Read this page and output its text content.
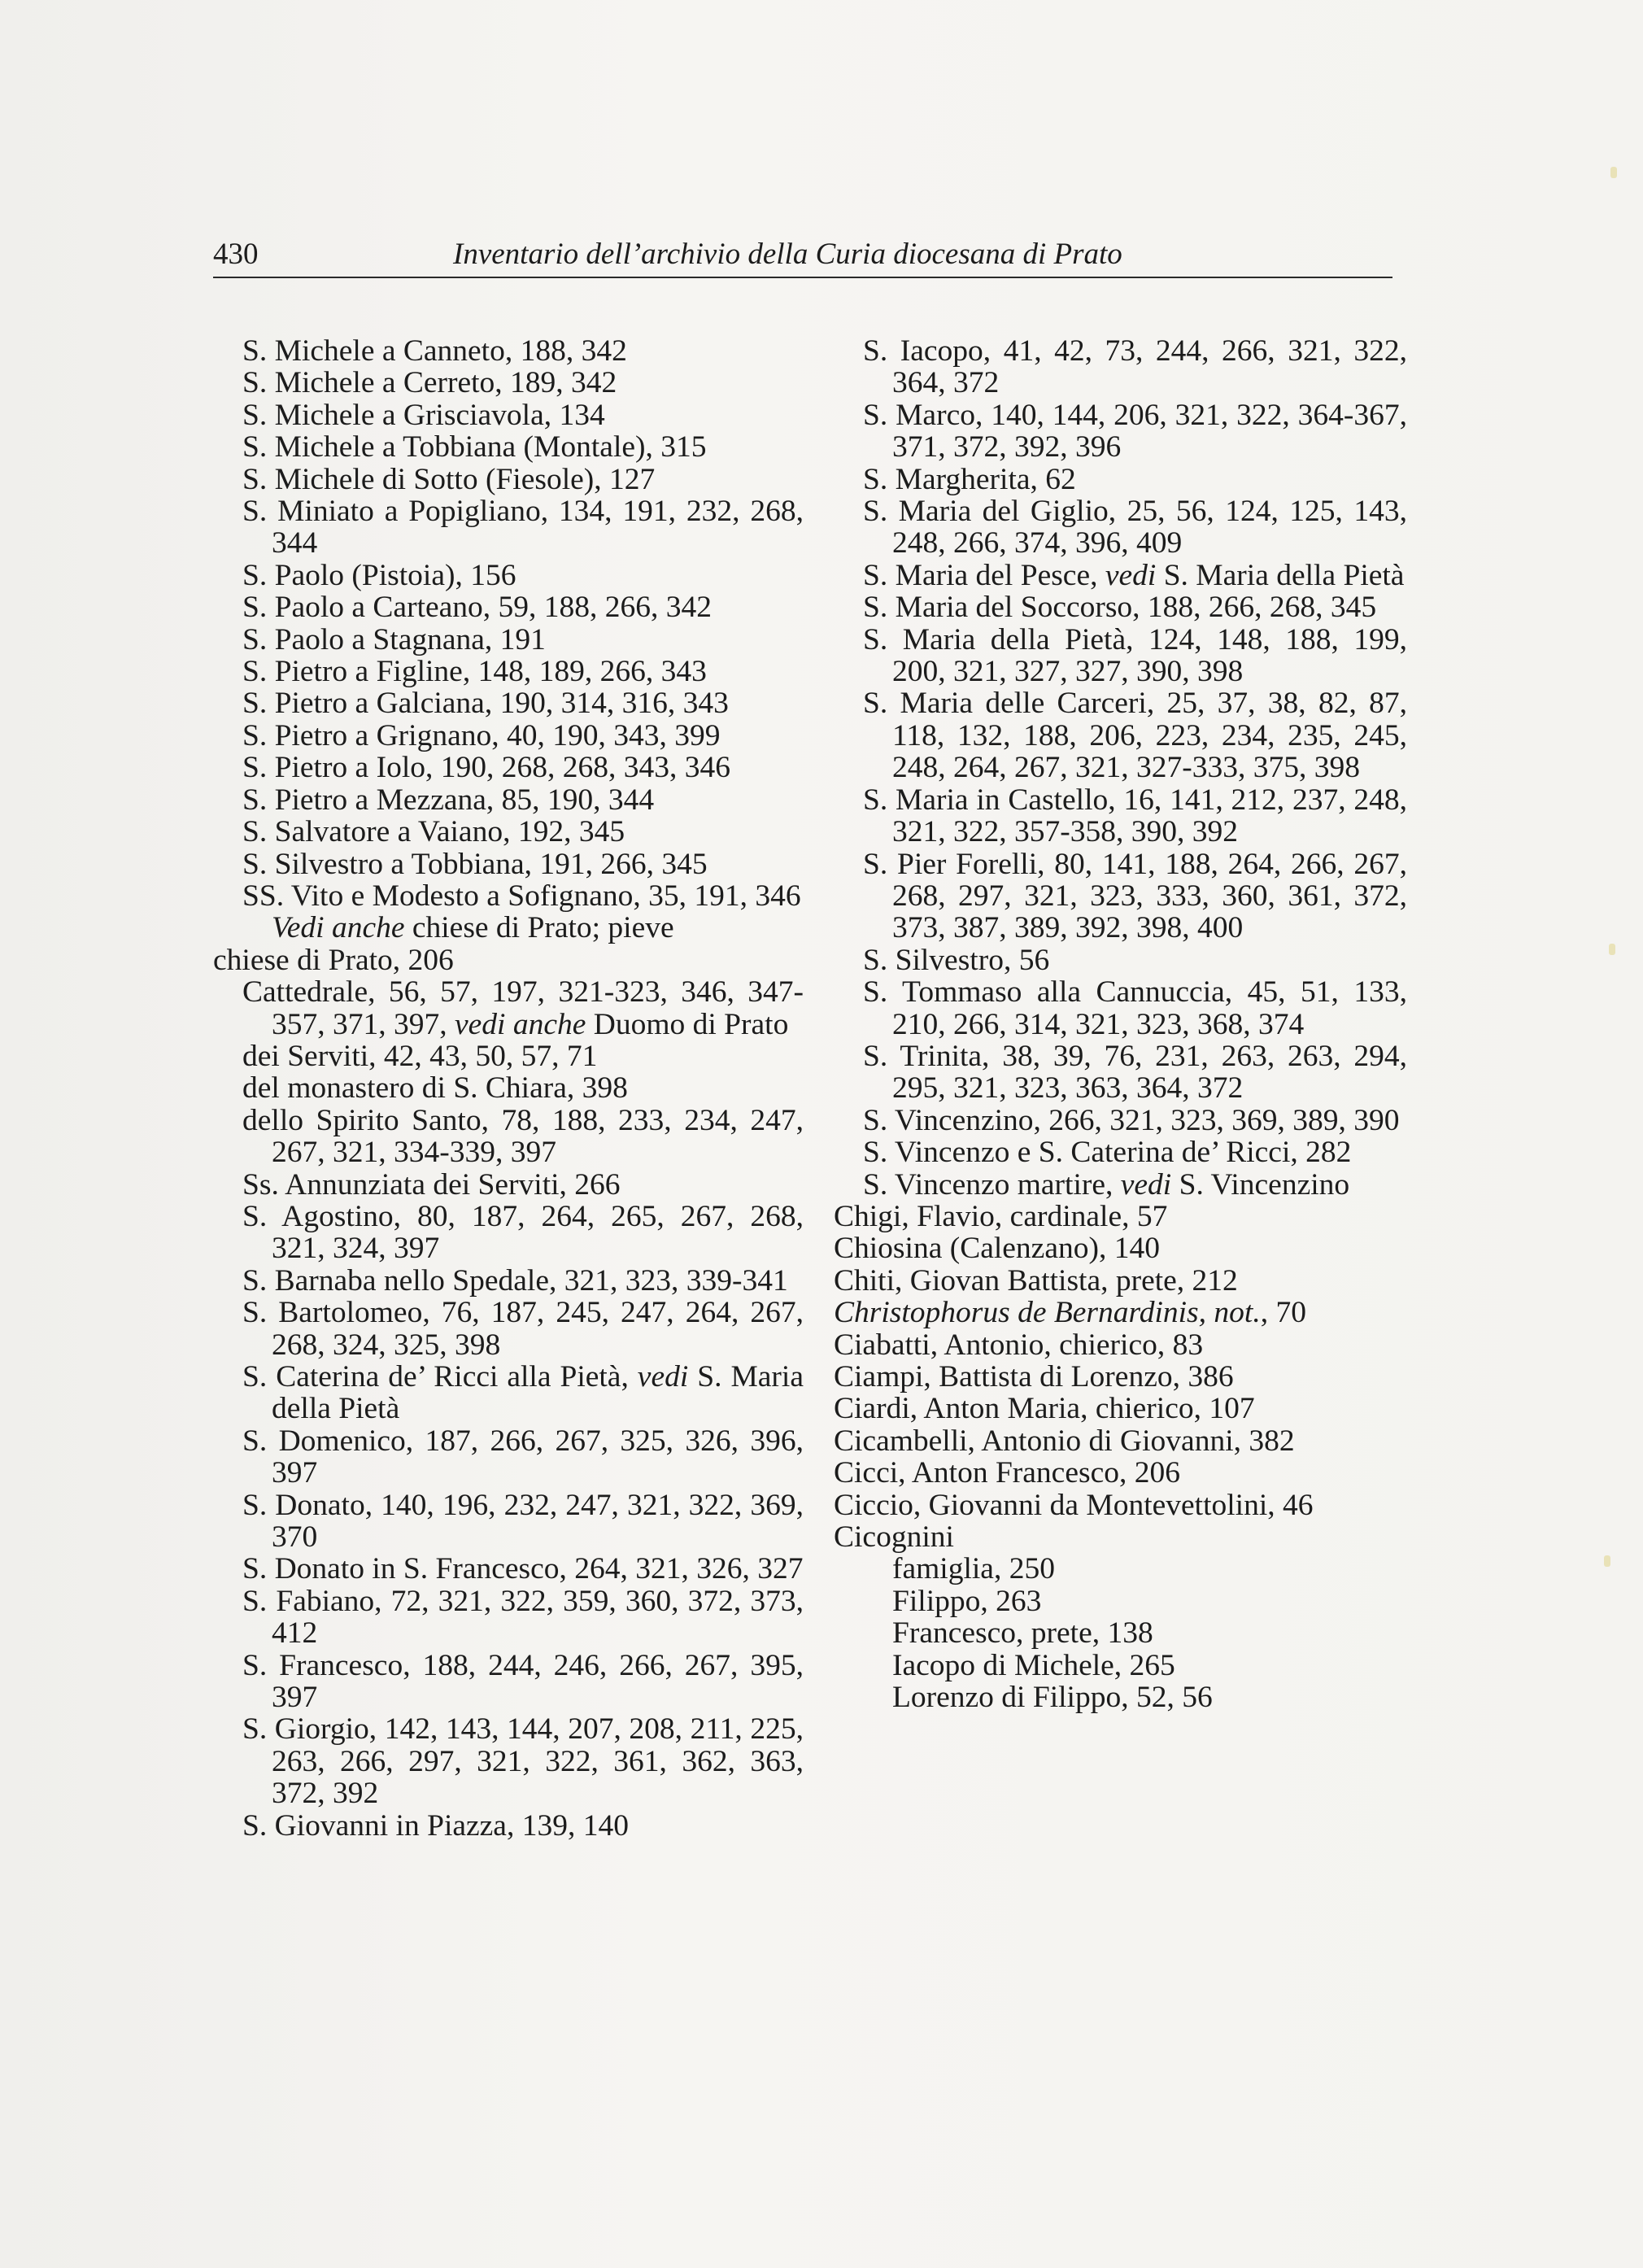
430	Inventario dell’archivio della Curia diocesana di Prato
S. Michele a Canneto, 188, 342
S. Michele a Cerreto, 189, 342
S. Michele a Grisciavola, 134
S. Michele a Tobbiana (Montale), 315
S. Michele di Sotto (Fiesole), 127
S. Miniato a Popigliano, 134, 191, 232, 268, 344
S. Paolo (Pistoia), 156
S. Paolo a Carteano, 59, 188, 266, 342
S. Paolo a Stagnana, 191
S. Pietro a Figline, 148, 189, 266, 343
S. Pietro a Galciana, 190, 314, 316, 343
S. Pietro a Grignano, 40, 190, 343, 399
S. Pietro a Iolo, 190, 268, 268, 343, 346
S. Pietro a Mezzana, 85, 190, 344
S. Salvatore a Vaiano, 192, 345
S. Silvestro a Tobbiana, 191, 266, 345
SS. Vito e Modesto a Sofignano, 35, 191, 346
Vedi anche chiese di Prato; pieve
chiese di Prato, 206
Cattedrale, 56, 57, 197, 321-323, 346, 347-357, 371, 397, vedi anche Duomo di Prato
dei Serviti, 42, 43, 50, 57, 71
del monastero di S. Chiara, 398
dello Spirito Santo, 78, 188, 233, 234, 247, 267, 321, 334-339, 397
Ss. Annunziata dei Serviti, 266
S. Agostino, 80, 187, 264, 265, 267, 268, 321, 324, 397
S. Barnaba nello Spedale, 321, 323, 339-341
S. Bartolomeo, 76, 187, 245, 247, 264, 267, 268, 324, 325, 398
S. Caterina de’ Ricci alla Pietà, vedi S. Maria della Pietà
S. Domenico, 187, 266, 267, 325, 326, 396, 397
S. Donato, 140, 196, 232, 247, 321, 322, 369, 370
S. Donato in S. Francesco, 264, 321, 326, 327
S. Fabiano, 72, 321, 322, 359, 360, 372, 373, 412
S. Francesco, 188, 244, 246, 266, 267, 395, 397
S. Giorgio, 142, 143, 144, 207, 208, 211, 225, 263, 266, 297, 321, 322, 361, 362, 363, 372, 392
S. Giovanni in Piazza, 139, 140
S. Iacopo, 41, 42, 73, 244, 266, 321, 322, 364, 372
S. Marco, 140, 144, 206, 321, 322, 364-367, 371, 372, 392, 396
S. Margherita, 62
S. Maria del Giglio, 25, 56, 124, 125, 143, 248, 266, 374, 396, 409
S. Maria del Pesce, vedi S. Maria della Pietà
S. Maria del Soccorso, 188, 266, 268, 345
S. Maria della Pietà, 124, 148, 188, 199, 200, 321, 327, 327, 390, 398
S. Maria delle Carceri, 25, 37, 38, 82, 87, 118, 132, 188, 206, 223, 234, 235, 245, 248, 264, 267, 321, 327-333, 375, 398
S. Maria in Castello, 16, 141, 212, 237, 248, 321, 322, 357-358, 390, 392
S. Pier Forelli, 80, 141, 188, 264, 266, 267, 268, 297, 321, 323, 333, 360, 361, 372, 373, 387, 389, 392, 398, 400
S. Silvestro, 56
S. Tommaso alla Cannuccia, 45, 51, 133, 210, 266, 314, 321, 323, 368, 374
S. Trinita, 38, 39, 76, 231, 263, 263, 294, 295, 321, 323, 363, 364, 372
S. Vincenzino, 266, 321, 323, 369, 389, 390
S. Vincenzo e S. Caterina de’ Ricci, 282
S. Vincenzo martire, vedi S. Vincenzino
Chigi, Flavio, cardinale, 57
Chiosina (Calenzano), 140
Chiti, Giovan Battista, prete, 212
Christophorus de Bernardinis, not., 70
Ciabatti, Antonio, chierico, 83
Ciampi, Battista di Lorenzo, 386
Ciardi, Anton Maria, chierico, 107
Cicambelli, Antonio di Giovanni, 382
Cicci, Anton Francesco, 206
Ciccio, Giovanni da Montevettolini, 46
Cicognini
famiglia, 250
Filippo, 263
Francesco, prete, 138
Iacopo di Michele, 265
Lorenzo di Filippo, 52, 56
